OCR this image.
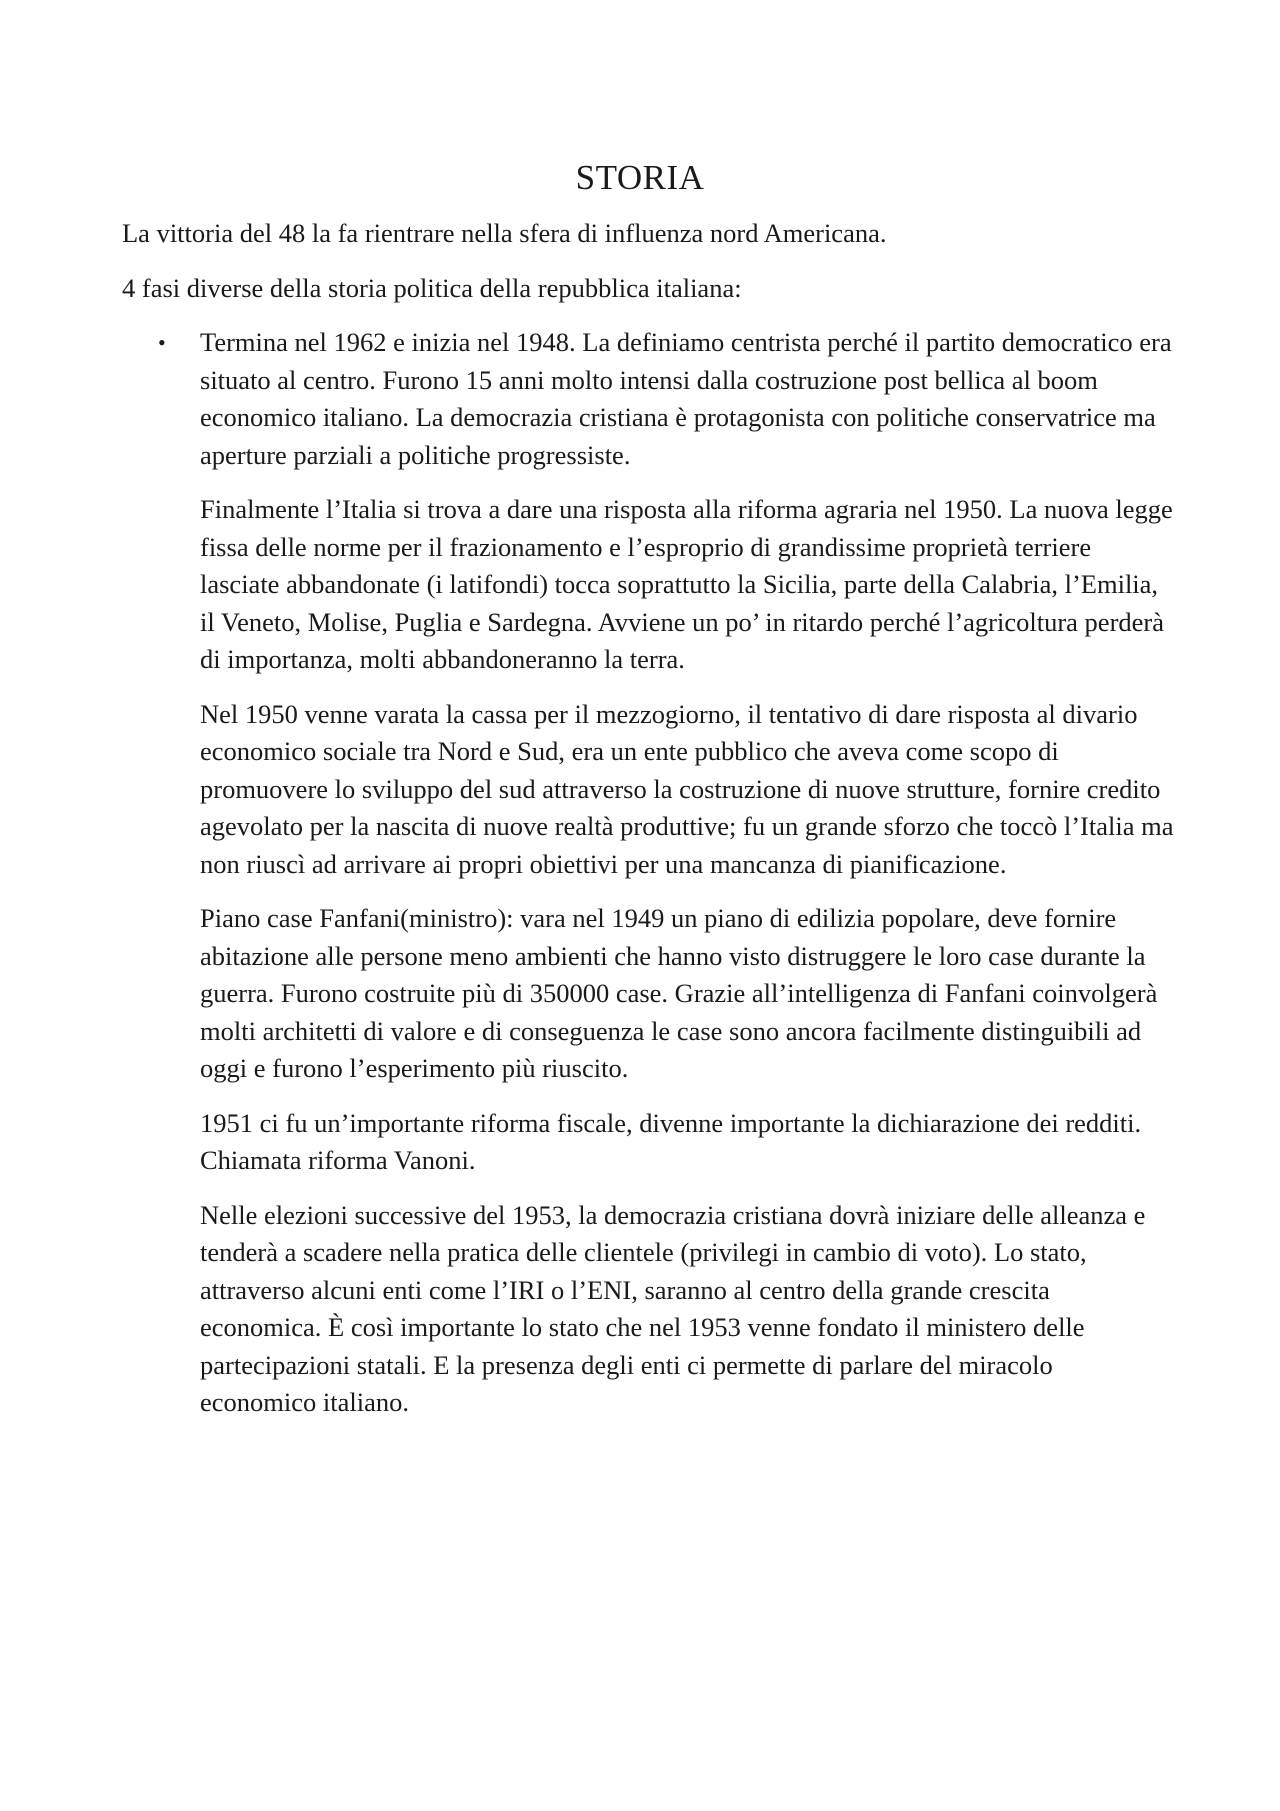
STORIA

La vittoria del 48 la fa rientrare nella sfera di influenza nord Americana.

4 fasi diverse della storia politica della repubblica italiana:

•	Termina nel 1962 e inizia nel 1948. La definiamo centrista perché il partito democratico era situato al centro. Furono 15 anni molto intensi dalla costruzione post bellica al boom economico italiano. La democrazia cristiana è protagonista con politiche conservatrice ma aperture parziali a politiche progressiste.

Finalmente l’Italia si trova a dare una risposta alla riforma agraria nel 1950. La nuova legge fissa delle norme per il frazionamento e l’esproprio di grandissime proprietà terriere lasciate abbandonate (i latifondi) tocca soprattutto la Sicilia, parte della Calabria, l’Emilia, il Veneto, Molise, Puglia e Sardegna. Avviene un po’ in ritardo perché l’agricoltura perderà di importanza, molti abbandoneranno la terra.

Nel 1950 venne varata la cassa per il mezzogiorno, il tentativo di dare risposta al divario economico sociale tra Nord e Sud, era un ente pubblico che aveva come scopo di promuovere lo sviluppo del sud attraverso la costruzione di nuove strutture, fornire credito agevolato per la nascita di nuove realtà produttive; fu un grande sforzo che toccò l’Italia ma non riuscì ad arrivare ai propri obiettivi per una mancanza di pianificazione.

Piano case Fanfani(ministro): vara nel 1949 un piano di edilizia popolare, deve fornire abitazione alle persone meno ambienti che hanno visto distruggere le loro case durante la guerra. Furono costruite più di 350000 case. Grazie all’intelligenza di Fanfani coinvolgerà molti architetti di valore e di conseguenza le case sono ancora facilmente distinguibili ad oggi e furono l’esperimento più riuscito.

1951 ci fu un’importante riforma fiscale, divenne importante la dichiarazione dei redditi. Chiamata riforma Vanoni.

Nelle elezioni successive del 1953, la democrazia cristiana dovrà iniziare delle alleanza e tenderà a scadere nella pratica delle clientele (privilegi in cambio di voto). Lo stato, attraverso alcuni enti come l’IRI o l’ENI, saranno al centro della grande crescita economica. È così importante lo stato che nel 1953 venne fondato il ministero delle partecipazioni statali. E la presenza degli enti ci permette di parlare del miracolo economico italiano.
